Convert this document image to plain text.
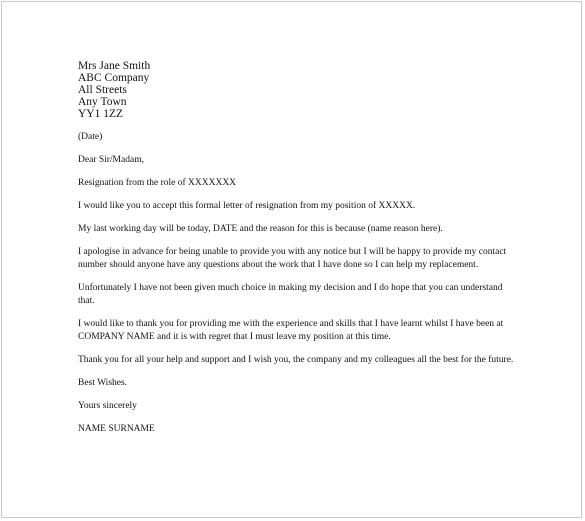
Mrs Jane Smith
ABC Company
All Streets
Any Town
YY1 1ZZ

(Date)

Dear Sir/Madam,

Resignation from the role of XXXXXXX

I would like you to accept this formal letter of resignation from my position of XXXXX.

My last working day will be today, DATE and the reason for this is because (name reason here).

I apologise in advance for being unable to provide you with any notice but I will be happy to provide my contact number should anyone have any questions about the work that I have done so I can help my replacement.

Unfortunately I have not been given much choice in making my decision and I do hope that you can understand that.

I would like to thank you for providing me with the experience and skills that I have learnt whilst I have been at COMPANY NAME and it is with regret that I must leave my position at this time.

Thank you for all your help and support and I wish you, the company and my colleagues all the best for the future.

Best Wishes.

Yours sincerely

NAME SURNAME
